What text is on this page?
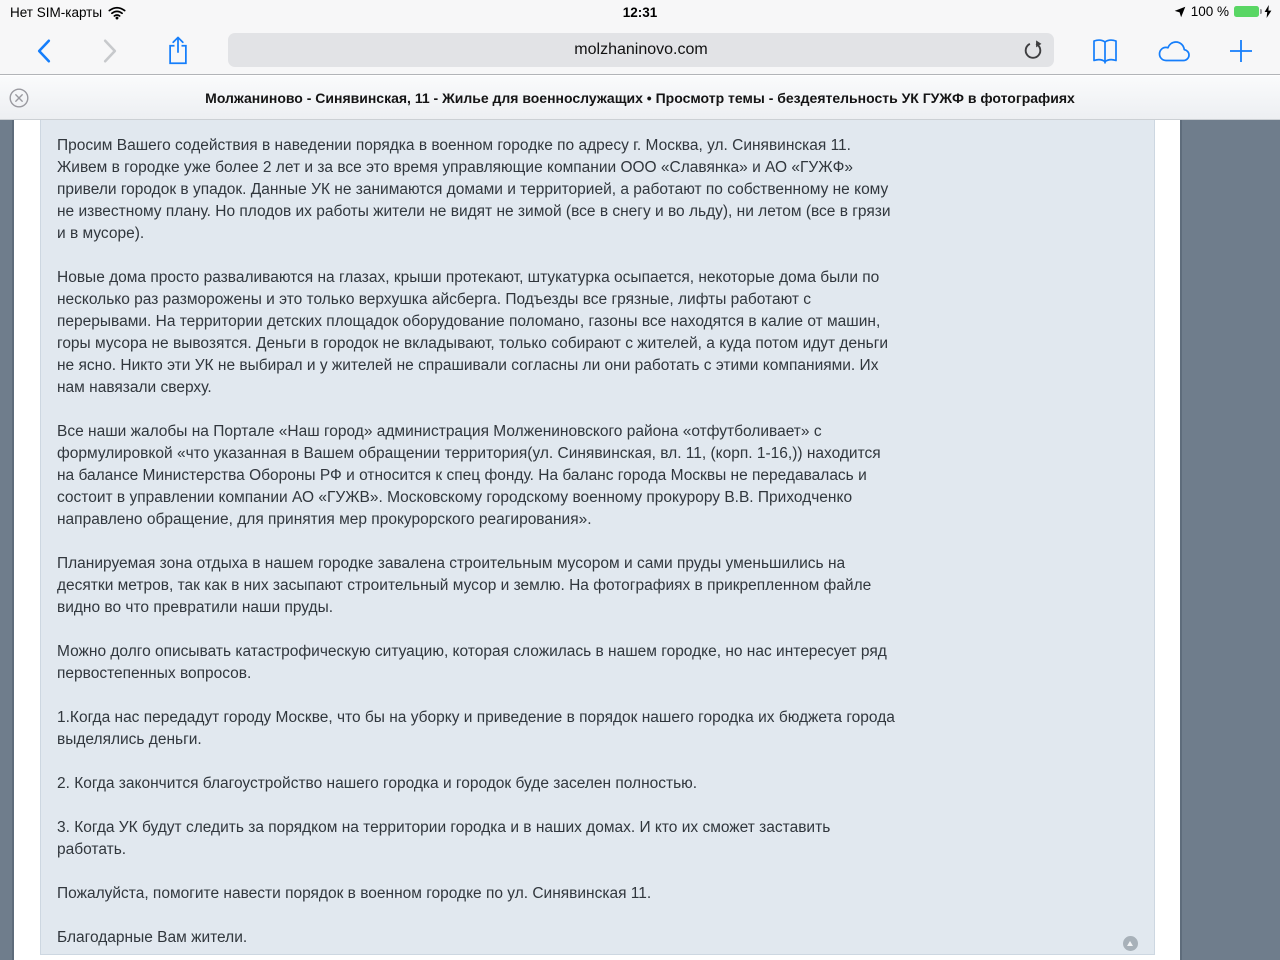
Нет SIM-карты	12:31	100 %
molzhaninovo.com
Молжаниново - Синявинская, 11 - Жилье для военнослужащих • Просмотр темы - бездеятельность УК ГУЖФ в фотографиях

Просим Вашего содействия в наведении порядка в военном городке по адресу г. Москва, ул. Синявинская 11. Живем в городке уже более 2 лет и за все это время управляющие компании ООО «Славянка» и АО «ГУЖФ» привели городок в упадок. Данные УК не занимаются домами и территорией, а работают по собственному не кому не известному плану. Но плодов их работы жители не видят не зимой (все в снегу и во льду), ни летом (все в грязи и в мусоре).

Новые дома просто разваливаются на глазах, крыши протекают, штукатурка осыпается, некоторые дома были по несколько раз разморожены и это только верхушка айсберга. Подъезды все грязные, лифты работают с перерывами. На территории детских площадок оборудование поломано, газоны все находятся в калие от машин, горы мусора не вывозятся. Деньги в городок не вкладывают, только собирают с жителей, а куда потом идут деньги не ясно. Никто эти УК не выбирал и у жителей не спрашивали согласны ли они работать с этими компаниями. Их нам навязали сверху.

Все наши жалобы на Портале «Наш город» администрация Молжениновского района «отфутболивает» с формулировкой «что указанная в Вашем обращении территория(ул. Синявинская, вл. 11, (корп. 1-16,)) находится на балансе Министерства Обороны РФ и относится к спец фонду. На баланс города Москвы не передавалась и состоит в управлении компании АО «ГУЖВ». Московскому городскому военному прокурору В.В. Приходченко направлено обращение, для принятия мер прокурорского реагирования».

Планируемая зона отдыха в нашем городке завалена строительным мусором и сами пруды уменьшились на десятки метров, так как в них засыпают строительный мусор и землю. На фотографиях в прикрепленном файле видно во что превратили наши пруды.

Можно долго описывать катастрофическую ситуацию, которая сложилась в нашем городке, но нас интересует ряд первостепенных вопросов.

1.Когда нас передадут городу Москве, что бы на уборку и приведение в порядок нашего городка их бюджета города выделялись деньги.

2. Когда закончится благоустройство нашего городка и городок буде заселен полностью.

3. Когда УК будут следить за порядком на территории городка и в наших домах. И кто их сможет заставить работать.

Пожалуйста, помогите навести порядок в военном городке по ул. Синявинская 11.

Благодарные Вам жители.
